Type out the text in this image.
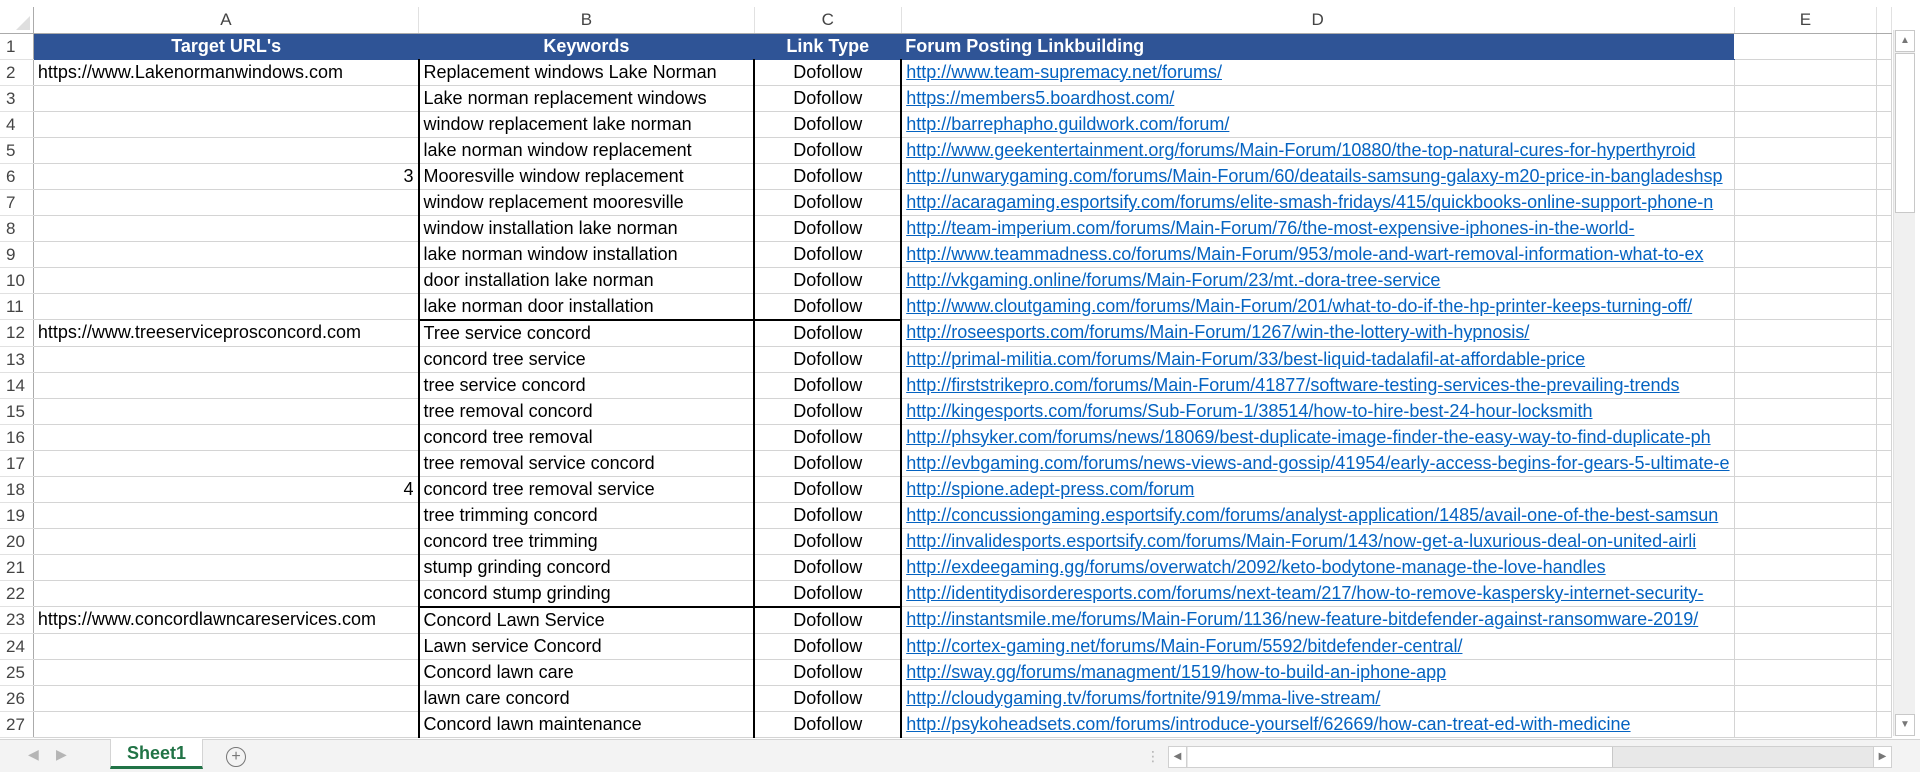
	A	B	C	D	E	
1	Target URL's	Keywords	Link Type	Forum Posting Linkbuilding		
2	https://www.Lakenormanwindows.com	Replacement windows Lake Norman	Dofollow	http://www.team-supremacy.net/forums/		
3		Lake norman replacement windows	Dofollow	https://members5.boardhost.com/		
4		window replacement lake norman	Dofollow	http://barrephapho.guildwork.com/forum/		
5		lake norman window replacement	Dofollow	http://www.geekentertainment.org/forums/Main-Forum/10880/the-top-natural-cures-for-hyperthyroid		
6	3	Mooresville window replacement	Dofollow	http://unwarygaming.com/forums/Main-Forum/60/deatails-samsung-galaxy-m20-price-in-bangladeshsp		
7		window replacement mooresville	Dofollow	http://acaragaming.esportsify.com/forums/elite-smash-fridays/415/quickbooks-online-support-phone-n		
8		window installation lake norman	Dofollow	http://team-imperium.com/forums/Main-Forum/76/the-most-expensive-iphones-in-the-world-		
9		lake norman window installation	Dofollow	http://www.teammadness.co/forums/Main-Forum/953/mole-and-wart-removal-information-what-to-ex		
10		door installation lake norman	Dofollow	http://vkgaming.online/forums/Main-Forum/23/mt.-dora-tree-service		
11		lake norman door installation	Dofollow	http://www.cloutgaming.com/forums/Main-Forum/201/what-to-do-if-the-hp-printer-keeps-turning-off/		
12	https://www.treeserviceprosconcord.com	Tree service concord	Dofollow	http://roseesports.com/forums/Main-Forum/1267/win-the-lottery-with-hypnosis/		
13		concord tree service	Dofollow	http://primal-militia.com/forums/Main-Forum/33/best-liquid-tadalafil-at-affordable-price		
14		tree service concord	Dofollow	http://firststrikepro.com/forums/Main-Forum/41877/software-testing-services-the-prevailing-trends		
15		tree removal concord	Dofollow	http://kingesports.com/forums/Sub-Forum-1/38514/how-to-hire-best-24-hour-locksmith		
16		concord tree removal	Dofollow	http://phsyker.com/forums/news/18069/best-duplicate-image-finder-the-easy-way-to-find-duplicate-ph		
17		tree removal service concord	Dofollow	http://evbgaming.com/forums/news-views-and-gossip/41954/early-access-begins-for-gears-5-ultimate-e		
18	4	concord tree removal service	Dofollow	http://spione.adept-press.com/forum		
19		tree trimming concord	Dofollow	http://concussiongaming.esportsify.com/forums/analyst-application/1485/avail-one-of-the-best-samsun		
20		concord tree trimming	Dofollow	http://invalidesports.esportsify.com/forums/Main-Forum/143/now-get-a-luxurious-deal-on-united-airli		
21		stump grinding concord	Dofollow	http://exdeegaming.gg/forums/overwatch/2092/keto-bodytone-manage-the-love-handles		
22		concord stump grinding	Dofollow	http://identitydisorderesports.com/forums/next-team/217/how-to-remove-kaspersky-internet-security-		
23	https://www.concordlawncareservices.com	Concord Lawn Service	Dofollow	http://instantsmile.me/forums/Main-Forum/1136/new-feature-bitdefender-against-ransomware-2019/		
24		Lawn service Concord	Dofollow	http://cortex-gaming.net/forums/Main-Forum/5592/bitdefender-central/		
25		Concord lawn care	Dofollow	http://sway.gg/forums/managment/1519/how-to-build-an-iphone-app		
26		lawn care concord	Dofollow	http://cloudygaming.tv/forums/fortnite/919/mma-live-stream/		
27		Concord lawn maintenance	Dofollow	http://psykoheadsets.com/forums/introduce-yourself/62669/how-can-treat-ed-with-medicine		
▲
▼
◀ ▶	Sheet1	+	⋮	◀	▶
